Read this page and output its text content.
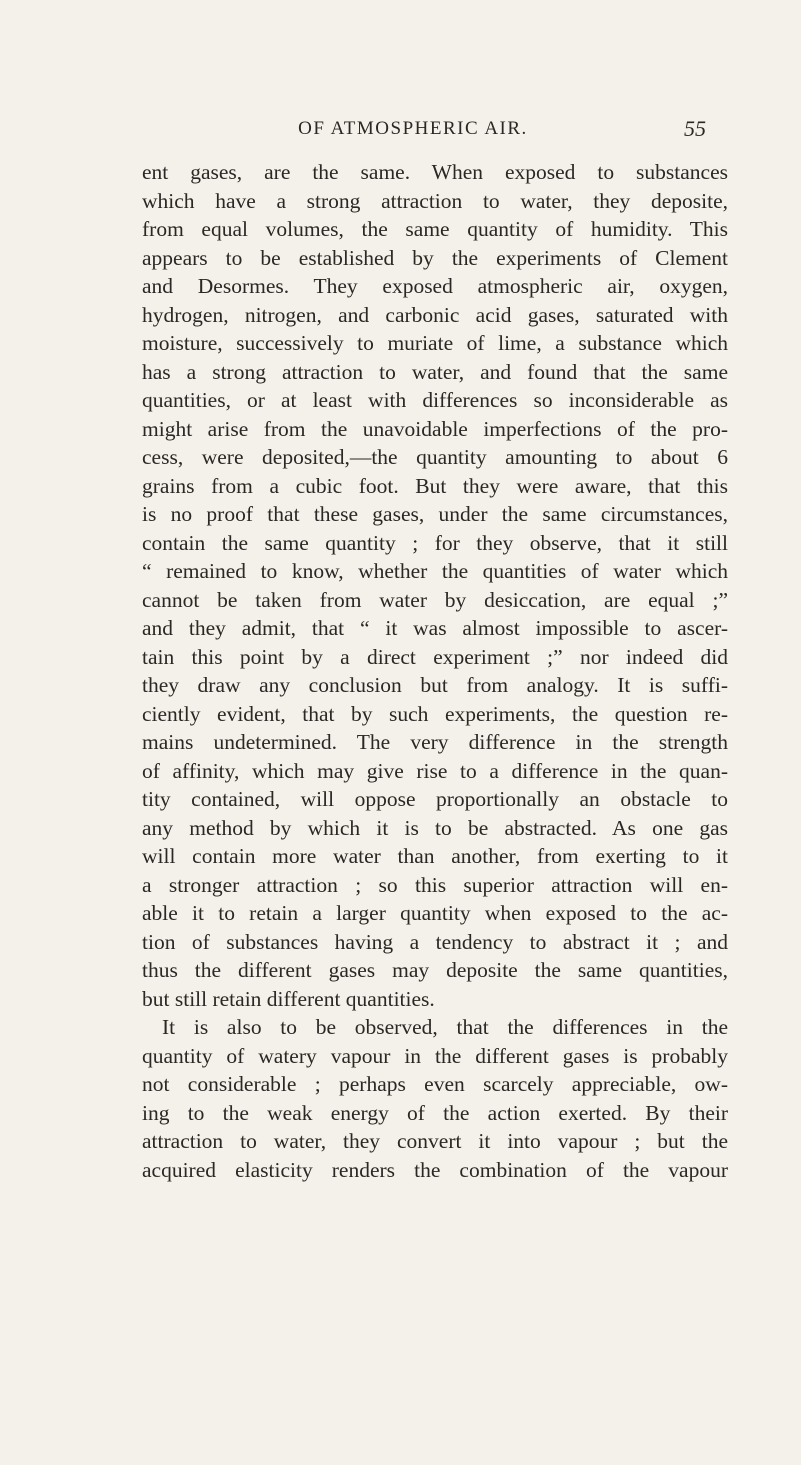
OF ATMOSPHERIC AIR.	55
ent gases, are the same. When exposed to substances
which have a strong attraction to water, they deposite,
from equal volumes, the same quantity of humidity. This
appears to be established by the experiments of Clement
and Desormes. They exposed atmospheric air, oxygen,
hydrogen, nitrogen, and carbonic acid gases, saturated with
moisture, successively to muriate of lime, a substance which
has a strong attraction to water, and found that the same
quantities, or at least with differences so inconsiderable as
might arise from the unavoidable imperfections of the pro-
cess, were deposited,—the quantity amounting to about 6
grains from a cubic foot. But they were aware, that this
is no proof that these gases, under the same circumstances,
contain the same quantity ; for they observe, that it still
“ remained to know, whether the quantities of water which
cannot be taken from water by desiccation, are equal ;”
and they admit, that “ it was almost impossible to ascer-
tain this point by a direct experiment ;” nor indeed did
they draw any conclusion but from analogy. It is suffi-
ciently evident, that by such experiments, the question re-
mains undetermined. The very difference in the strength
of affinity, which may give rise to a difference in the quan-
tity contained, will oppose proportionally an obstacle to
any method by which it is to be abstracted. As one gas
will contain more water than another, from exerting to it
a stronger attraction ; so this superior attraction will en-
able it to retain a larger quantity when exposed to the ac-
tion of substances having a tendency to abstract it ; and
thus the different gases may deposite the same quantities,
but still retain different quantities.
It is also to be observed, that the differences in the
quantity of watery vapour in the different gases is probably
not considerable ; perhaps even scarcely appreciable, ow-
ing to the weak energy of the action exerted. By their
attraction to water, they convert it into vapour ; but the
acquired elasticity renders the combination of the vapour
